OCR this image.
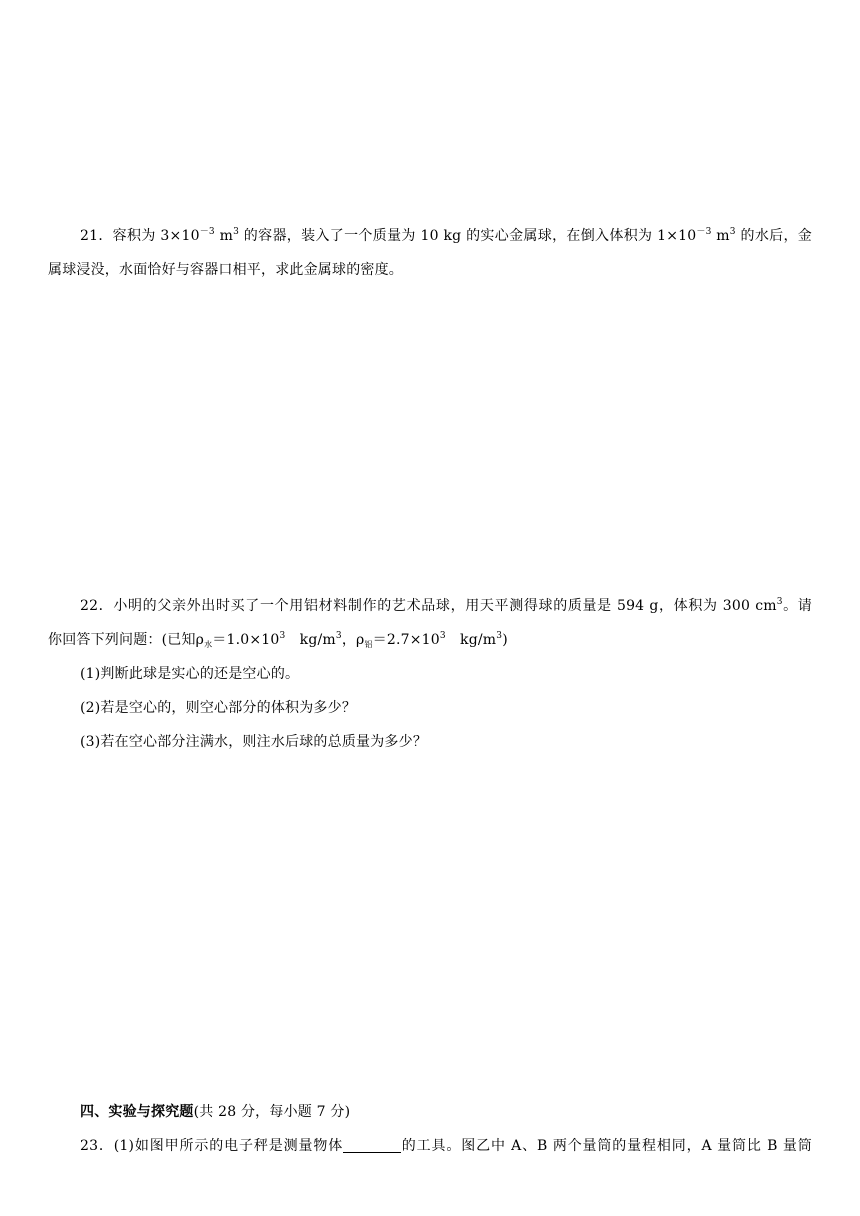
21．容积为 $3\times 10^{-3}$ $m^3$ 的容器，装入了一个质量为 10 kg 的实心金属球，在倒入体积为 $1\times 10^{-3}$ $m^3$ 的水后，金
属球浸没，水面恰好与容器口相平，求此金属球的密度。
22．小明的父亲外出时买了一个用铝材料制作的艺术品球，用天平测得球的质量是 594 g，体积为 300 $cm^3$。请
你回答下列问题：(已知$\rho_水=1.0\times 10^3$　$kg/m^3$，$\rho_铝=2.7\times 10^3$　$kg/m^3$)
(1)判断此球是实心的还是空心的。
(2)若是空心的，则空心部分的体积为多少？
(3)若在空心部分注满水，则注水后球的总质量为多少？
四、实验与探究题(共 28 分，每小题 7 分)
23．(1)如图甲所示的电子秤是测量物体	的工具。图乙中 A、B 两个量筒的量程相同，A 量筒比 B 量筒
